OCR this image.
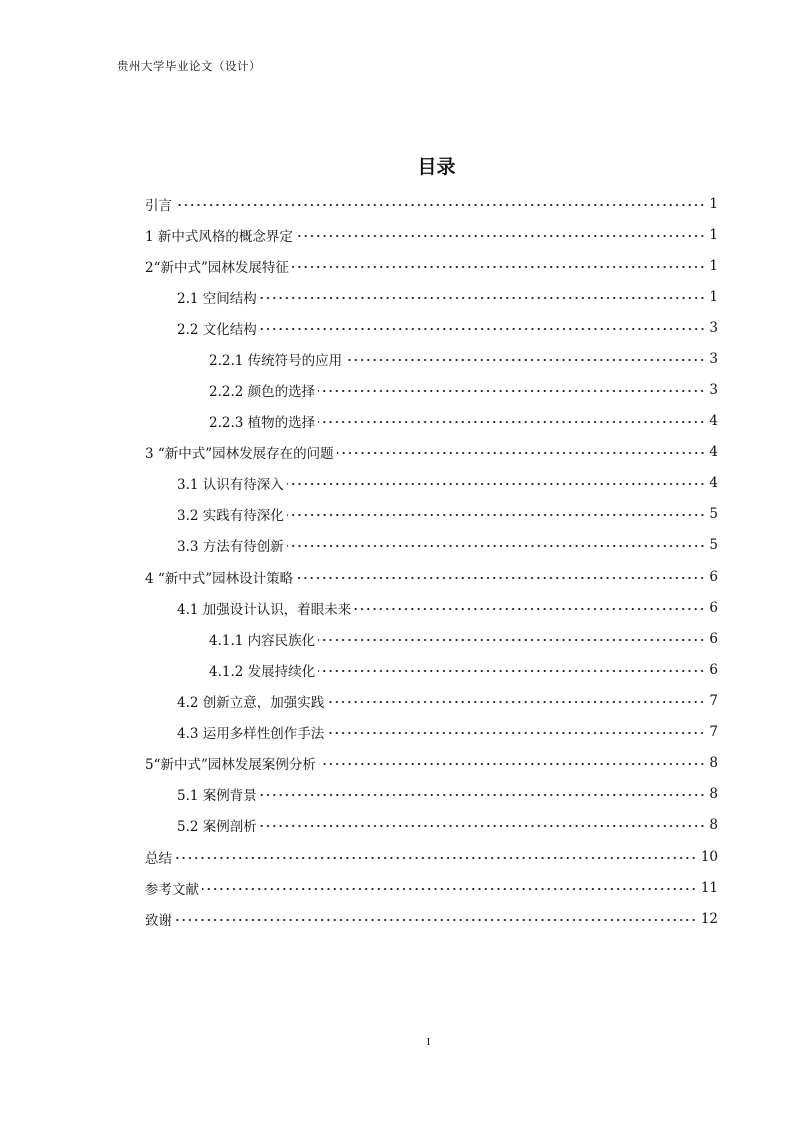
贵州大学毕业论文（设计）
目录
引言	1
1 新中式风格的概念界定	1
2“新中式”园林发展特征	1
2.1 空间结构	1
2.2 文化结构	3
2.2.1 传统符号的应用	3
2.2.2 颜色的选择	3
2.2.3 植物的选择	4
3 “新中式”园林发展存在的问题	4
3.1 认识有待深入	4
3.2 实践有待深化	5
3.3 方法有待创新	5
4 “新中式”园林设计策略	6
4.1 加强设计认识，着眼未来	6
4.1.1 内容民族化	6
4.1.2 发展持续化	6
4.2 创新立意，加强实践	7
4.3 运用多样性创作手法	7
5“新中式”园林发展案例分析	8
5.1 案例背景	8
5.2 案例剖析	8
总结	10
参考文献	11
致谢	12
I
